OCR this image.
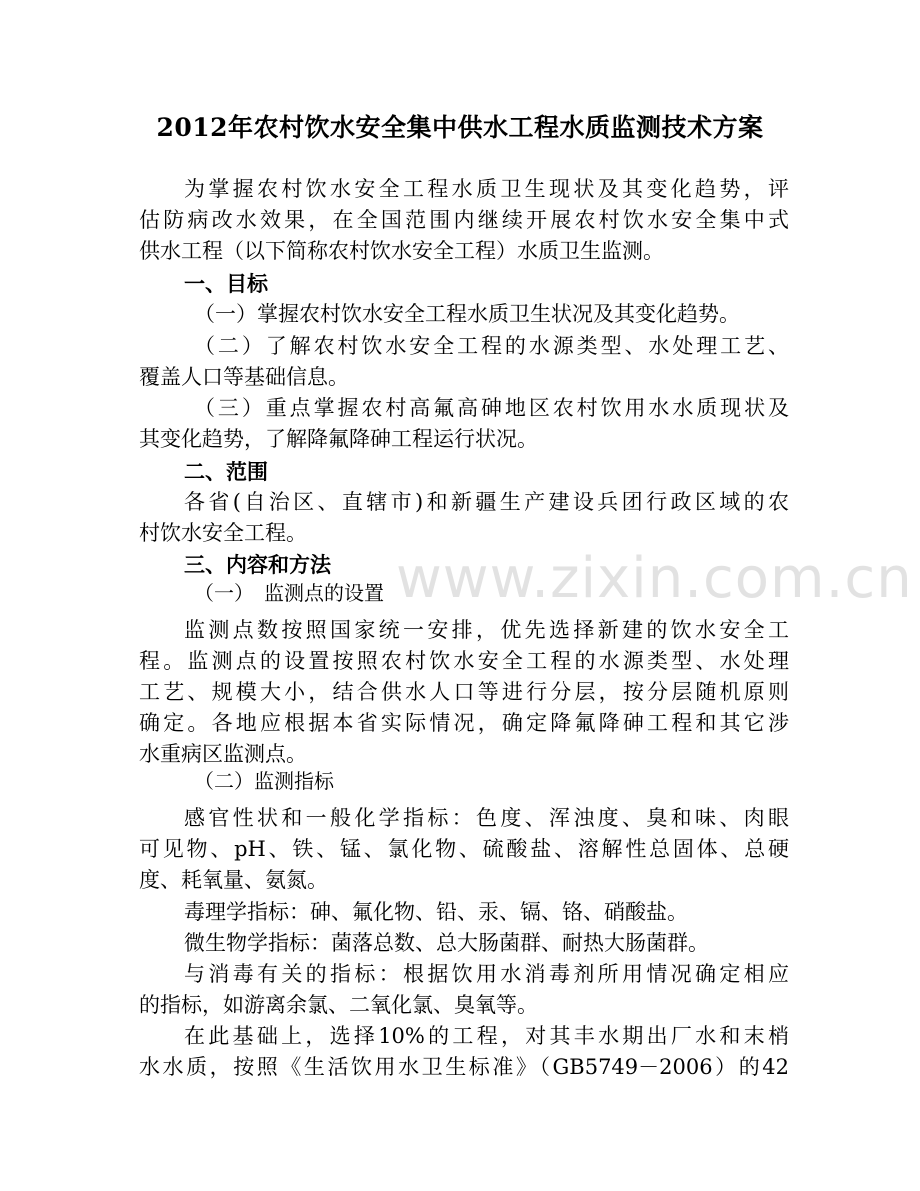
2012年农村饮水安全集中供水工程水质监测技术方案
为掌握农村饮水安全工程水质卫生现状及其变化趋势，评
估防病改水效果，在全国范围内继续开展农村饮水安全集中式
供水工程（以下简称农村饮水安全工程）水质卫生监测。
一、目标
（一）掌握农村饮水安全工程水质卫生状况及其变化趋势。
（二）了解农村饮水安全工程的水源类型、水处理工艺、
覆盖人口等基础信息。
（三）重点掌握农村高氟高砷地区农村饮用水水质现状及
其变化趋势，了解降氟降砷工程运行状况。
二、范围
各省(自治区、直辖市)和新疆生产建设兵团行政区域的农
村饮水安全工程。
三、内容和方法
（一）　监测点的设置
监测点数按照国家统一安排，优先选择新建的饮水安全工
程。监测点的设置按照农村饮水安全工程的水源类型、水处理
工艺、规模大小，结合供水人口等进行分层，按分层随机原则
确定。各地应根据本省实际情况，确定降氟降砷工程和其它涉
水重病区监测点。
（二）监测指标
感官性状和一般化学指标：色度、浑浊度、臭和味、肉眼
可见物、pH、铁、锰、氯化物、硫酸盐、溶解性总固体、总硬
度、耗氧量、氨氮。
毒理学指标：砷、氟化物、铅、汞、镉、铬、硝酸盐。
微生物学指标：菌落总数、总大肠菌群、耐热大肠菌群。
与消毒有关的指标：根据饮用水消毒剂所用情况确定相应
的指标，如游离余氯、二氧化氯、臭氧等。
在此基础上，选择10%的工程，对其丰水期出厂水和末梢
水水质，按照《生活饮用水卫生标准》（GB5749－2006）的42
www.zixin.com.cn
